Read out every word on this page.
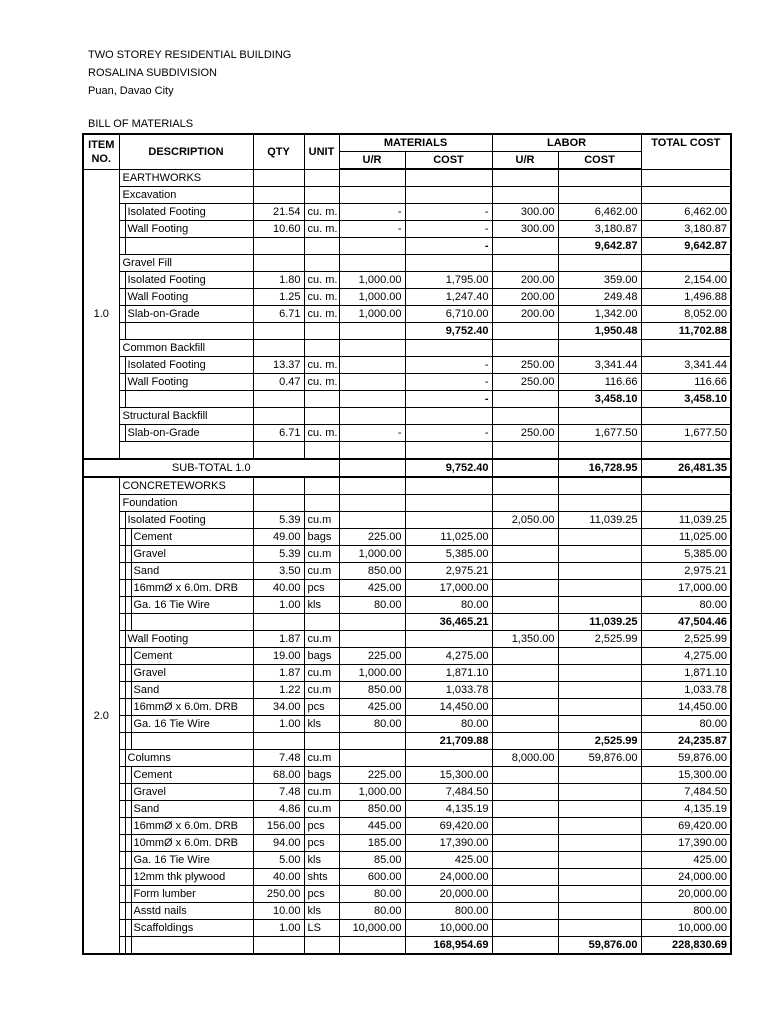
TWO STOREY RESIDENTIAL BUILDING
ROSALINA SUBDIVISION
Puan, Davao City
BILL OF MATERIALS
ITEM
NO.	DESCRIPTION			QTY	UNIT	MATERIALS		LABOR		TOTAL COST
						U/R	COST	U/R	COST	
1.0	EARTHWORKS									
	Excavation									
		Isolated Footing		21.54	cu. m.	-	-	300.00	6,462.00	6,462.00
		Wall Footing		10.60	cu. m.	-	-	300.00	3,180.87	3,180.87
							-		9,642.87	9,642.87
	Gravel Fill									
		Isolated Footing		1.80	cu. m.	1,000.00	1,795.00	200.00	359.00	2,154.00
		Wall Footing		1.25	cu. m.	1,000.00	1,247.40	200.00	249.48	1,496.88
		Slab-on-Grade		6.71	cu. m.	1,000.00	6,710.00	200.00	1,342.00	8,052.00
							9,752.40		1,950.48	11,702.88
	Common Backfill									
		Isolated Footing		13.37	cu. m.		-	250.00	3,341.44	3,341.44
		Wall Footing		0.47	cu. m.		-	250.00	116.66	116.66
							-		3,458.10	3,458.10
	Structural Backfill									
		Slab-on-Grade		6.71	cu. m.	-	-	250.00	1,677.50	1,677.50

SUB-TOTAL 1.0							9,752.40		16,728.95	26,481.35
2.0	CONCRETEWORKS									
	Foundation									
		Isolated Footing		5.39	cu.m			2,050.00	11,039.25	11,039.25
			Cement	49.00	bags	225.00	11,025.00			11,025.00
			Gravel	5.39	cu.m	1,000.00	5,385.00			5,385.00
			Sand	3.50	cu.m	850.00	2,975.21			2,975.21
			16mmØ x 6.0m. DRB	40.00	pcs	425.00	17,000.00			17,000.00
			Ga. 16 Tie Wire	1.00	kls	80.00	80.00			80.00
							36,465.21		11,039.25	47,504.46
		Wall Footing		1.87	cu.m			1,350.00	2,525.99	2,525.99
			Cement	19.00	bags	225.00	4,275.00			4,275.00
			Gravel	1.87	cu.m	1,000.00	1,871.10			1,871.10
			Sand	1.22	cu.m	850.00	1,033.78			1,033.78
			16mmØ x 6.0m. DRB	34.00	pcs	425.00	14,450.00			14,450.00
			Ga. 16 Tie Wire	1.00	kls	80.00	80.00			80.00
							21,709.88		2,525.99	24,235.87
		Columns		7.48	cu.m			8,000.00	59,876.00	59,876.00
			Cement	68.00	bags	225.00	15,300.00			15,300.00
			Gravel	7.48	cu.m	1,000.00	7,484.50			7,484.50
			Sand	4.86	cu.m	850.00	4,135.19			4,135.19
			16mmØ x 6.0m. DRB	156.00	pcs	445.00	69,420.00			69,420.00
			10mmØ x 6.0m. DRB	94.00	pcs	185.00	17,390.00			17,390.00
			Ga. 16 Tie Wire	5.00	kls	85.00	425.00			425.00
			12mm thk plywood	40.00	shts	600.00	24,000.00			24,000.00
			Form lumber	250.00	pcs	80.00	20,000.00			20,000.00
			Asstd nails	10.00	kls	80.00	800.00			800.00
			Scaffoldings	1.00	LS	10,000.00	10,000.00			10,000.00
							168,954.69		59,876.00	228,830.69
